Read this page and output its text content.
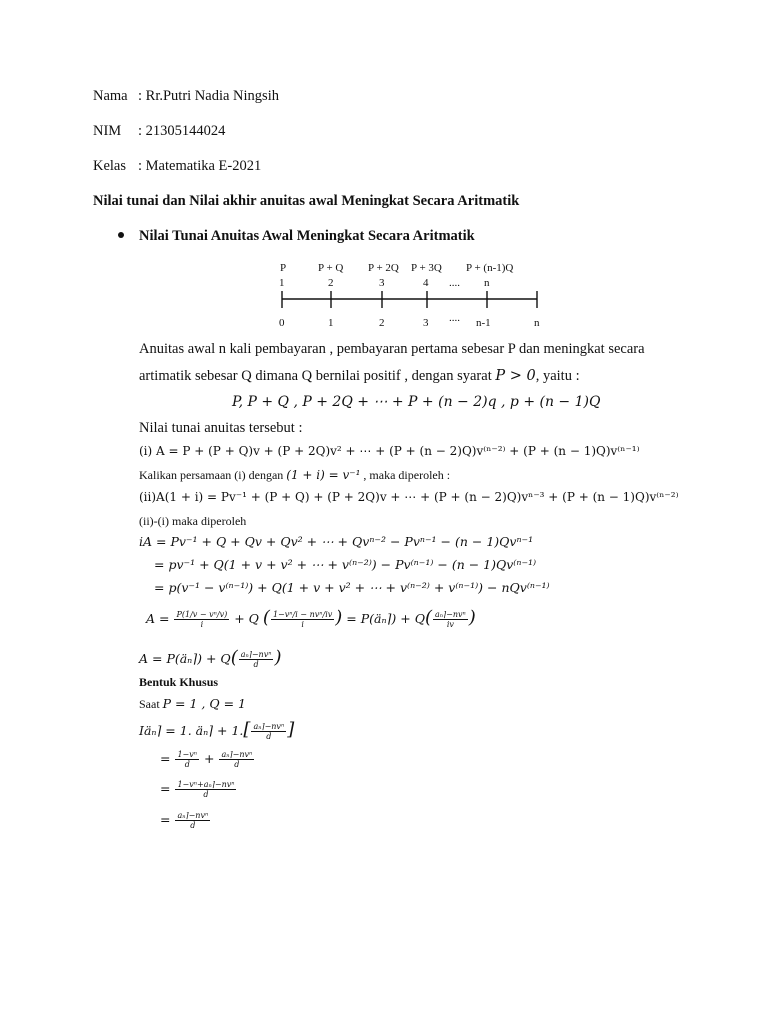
Nama : Rr.Putri Nadia Ningsih
NIM : 21305144024
Kelas : Matematika E-2021
Nilai tunai dan Nilai akhir anuitas awal Meningkat Secara Aritmatik
Nilai Tunai Anuitas Awal Meningkat Secara Aritmatik
P	P + Q P + 2Q P + 3Q
....
P + (n-1)Q
1	2	3	4	n
0	1	2	3 .... n-1	n
Anuitas awal n kali pembayaran , pembayaran pertama sebesar P dan meningkat secara
artimatik sebesar Q dimana Q bernilai positif , dengan syarat P > 0, yaitu :
P, P + Q , P + 2Q + ⋯ + P + (n − 2)q , p + (n − 1)Q
Nilai tunai anuitas tersebut :
(i) A = P + (P + Q)v + (P + 2Q)v² + ⋯ + (P + (n − 2)Q)v⁽ⁿ⁻²⁾ + (P + (n − 1)Q)v⁽ⁿ⁻¹⁾
Kalikan persamaan (i) dengan (1 + i) = v⁻¹ , maka diperoleh :
(ii)A(1 + i) = Pv⁻¹ + (P + Q) + (P + 2Q)v + ⋯ + (P + (n − 2)Q)vⁿ⁻³ + (P + (n − 1)Q)v⁽ⁿ⁻²⁾
(ii)-(i) maka diperoleh
iA = Pv⁻¹ + Q + Qv + Qv² + ⋯ + Qvⁿ⁻² − Pvⁿ⁻¹ − (n − 1)Qvⁿ⁻¹
= pv⁻¹ + Q(1 + v + v² + ⋯ + v⁽ⁿ⁻²⁾) − Pv⁽ⁿ⁻¹⁾ − (n − 1)Qv⁽ⁿ⁻¹⁾
= p(v⁻¹ − v⁽ⁿ⁻¹⁾) + Q(1 + v + v² + ⋯ + v⁽ⁿ⁻²⁾ + v⁽ⁿ⁻¹⁾) − nQv⁽ⁿ⁻¹⁾
$A = \frac{\text{P(1/v − vⁿ/v)}}{i} + Q$ ( $\frac{\text{1−vⁿ/i − nvⁿ/iv}}{i}$ ) = P(äₙ⌉) + $Q( \frac{\text{aₙ⌉−nvⁿ}}{iv}$ )
A = P(äₙ⌉) + $Q( \frac{\text{aₙ⌉−nvⁿ}}{d}$ )
Bentuk Khusus
Saat P = 1 , Q = 1
Iäₙ⌉ = 1. äₙ⌉ + $1.[ \frac{\text{aₙ⌉−nvⁿ}}{d}$ ]
= $\frac{\text{1−vⁿ}}{d} + \frac{\text{aₙ⌉−nvⁿ}}{d}$
= $\frac{\text{1−vⁿ+aₙ⌉−nvⁿ}}{d}$
= $\frac{\text{aₙ⌉−nvⁿ}}{d}$
